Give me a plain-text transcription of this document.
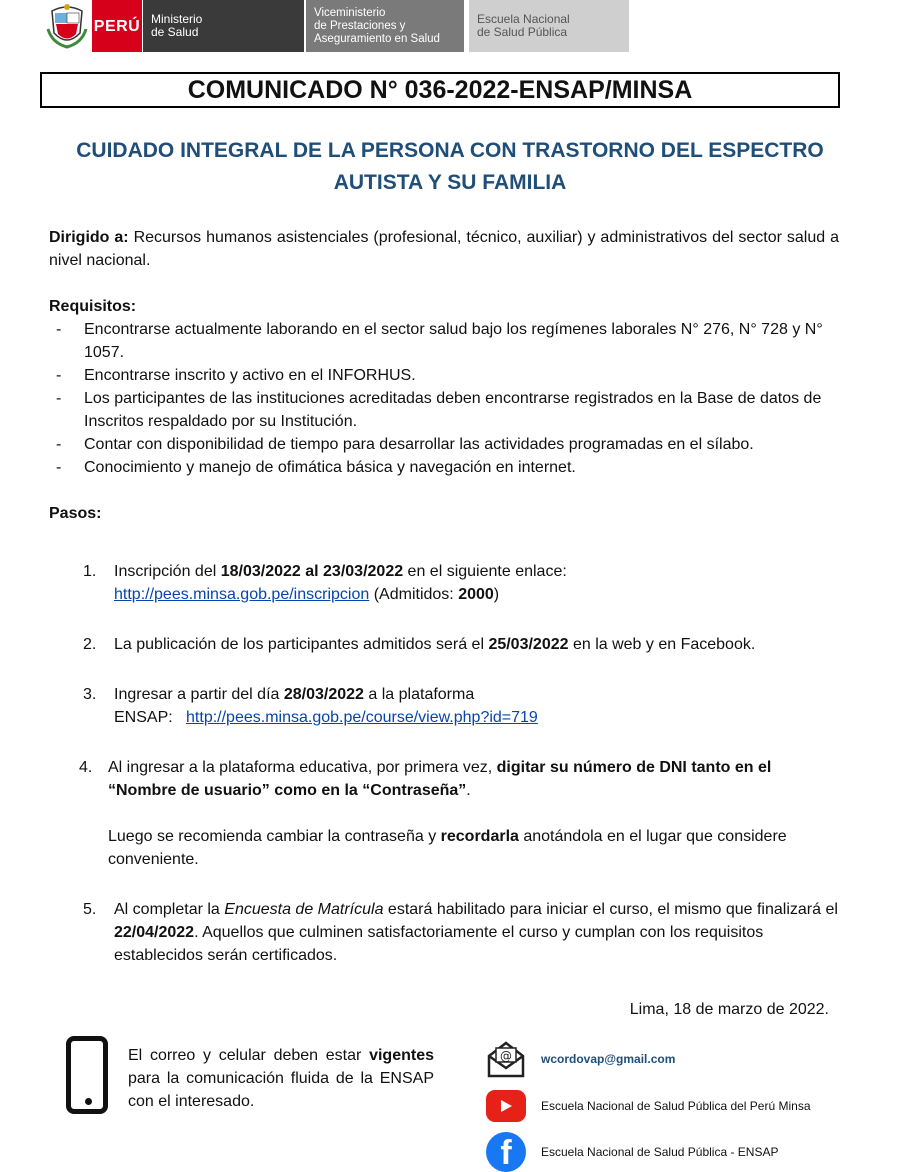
PERÚ Ministerio
de Salud
Viceministerio
de Prestaciones y
Aseguramiento en Salud
Escuela Nacional
de Salud Pública
COMUNICADO N° 036-2022-ENSAP/MINSA
CUIDADO INTEGRAL DE LA PERSONA CON TRASTORNO DEL ESPECTRO
AUTISTA Y SU FAMILIA

Dirigido a: Recursos humanos asistenciales (profesional, técnico, auxiliar) y administrativos del sector salud a nivel nacional.

Requisitos:

- Encontrarse actualmente laborando en el sector salud bajo los regímenes laborales N° 276, N° 728 y N° 1057.
- Encontrarse inscrito y activo en el INFORHUS.
- Los participantes de las instituciones acreditadas deben encontrarse registrados en la Base de datos de Inscritos respaldado por su Institución.
- Contar con disponibilidad de tiempo para desarrollar las actividades programadas en el sílabo.
- Conocimiento y manejo de ofimática básica y navegación en internet.

Pasos:

1. Inscripción del 18/03/2022 al 23/03/2022 en el siguiente enlace:
http://pees.minsa.gob.pe/inscripcion (Admitidos: 2000)
2. La publicación de los participantes admitidos será el 25/03/2022 en la web y en Facebook.
3. Ingresar a partir del día 28/03/2022 a la plataforma
ENSAP: http://pees.minsa.gob.pe/course/view.php?id=719
4. Al ingresar a la plataforma educativa, por primera vez, digitar su número de DNI tanto en el “Nombre de usuario” como en la “Contraseña”.
Luego se recomienda cambiar la contraseña y recordarla anotándola en el lugar que considere conveniente.
5. Al completar la Encuesta de Matrícula estará habilitado para iniciar el curso, el mismo que finalizará el 22/04/2022. Aquellos que culminen satisfactoriamente el curso y cumplan con los requisitos establecidos serán certificados.

Lima, 18 de marzo de 2022.

El correo y celular deben estar vigentes para la comunicación fluida de la ENSAP con el interesado.
@ wcordovap@gmail.com
Escuela Nacional de Salud Pública del Perú Minsa
f	Escuela Nacional de Salud Pública - ENSAP
